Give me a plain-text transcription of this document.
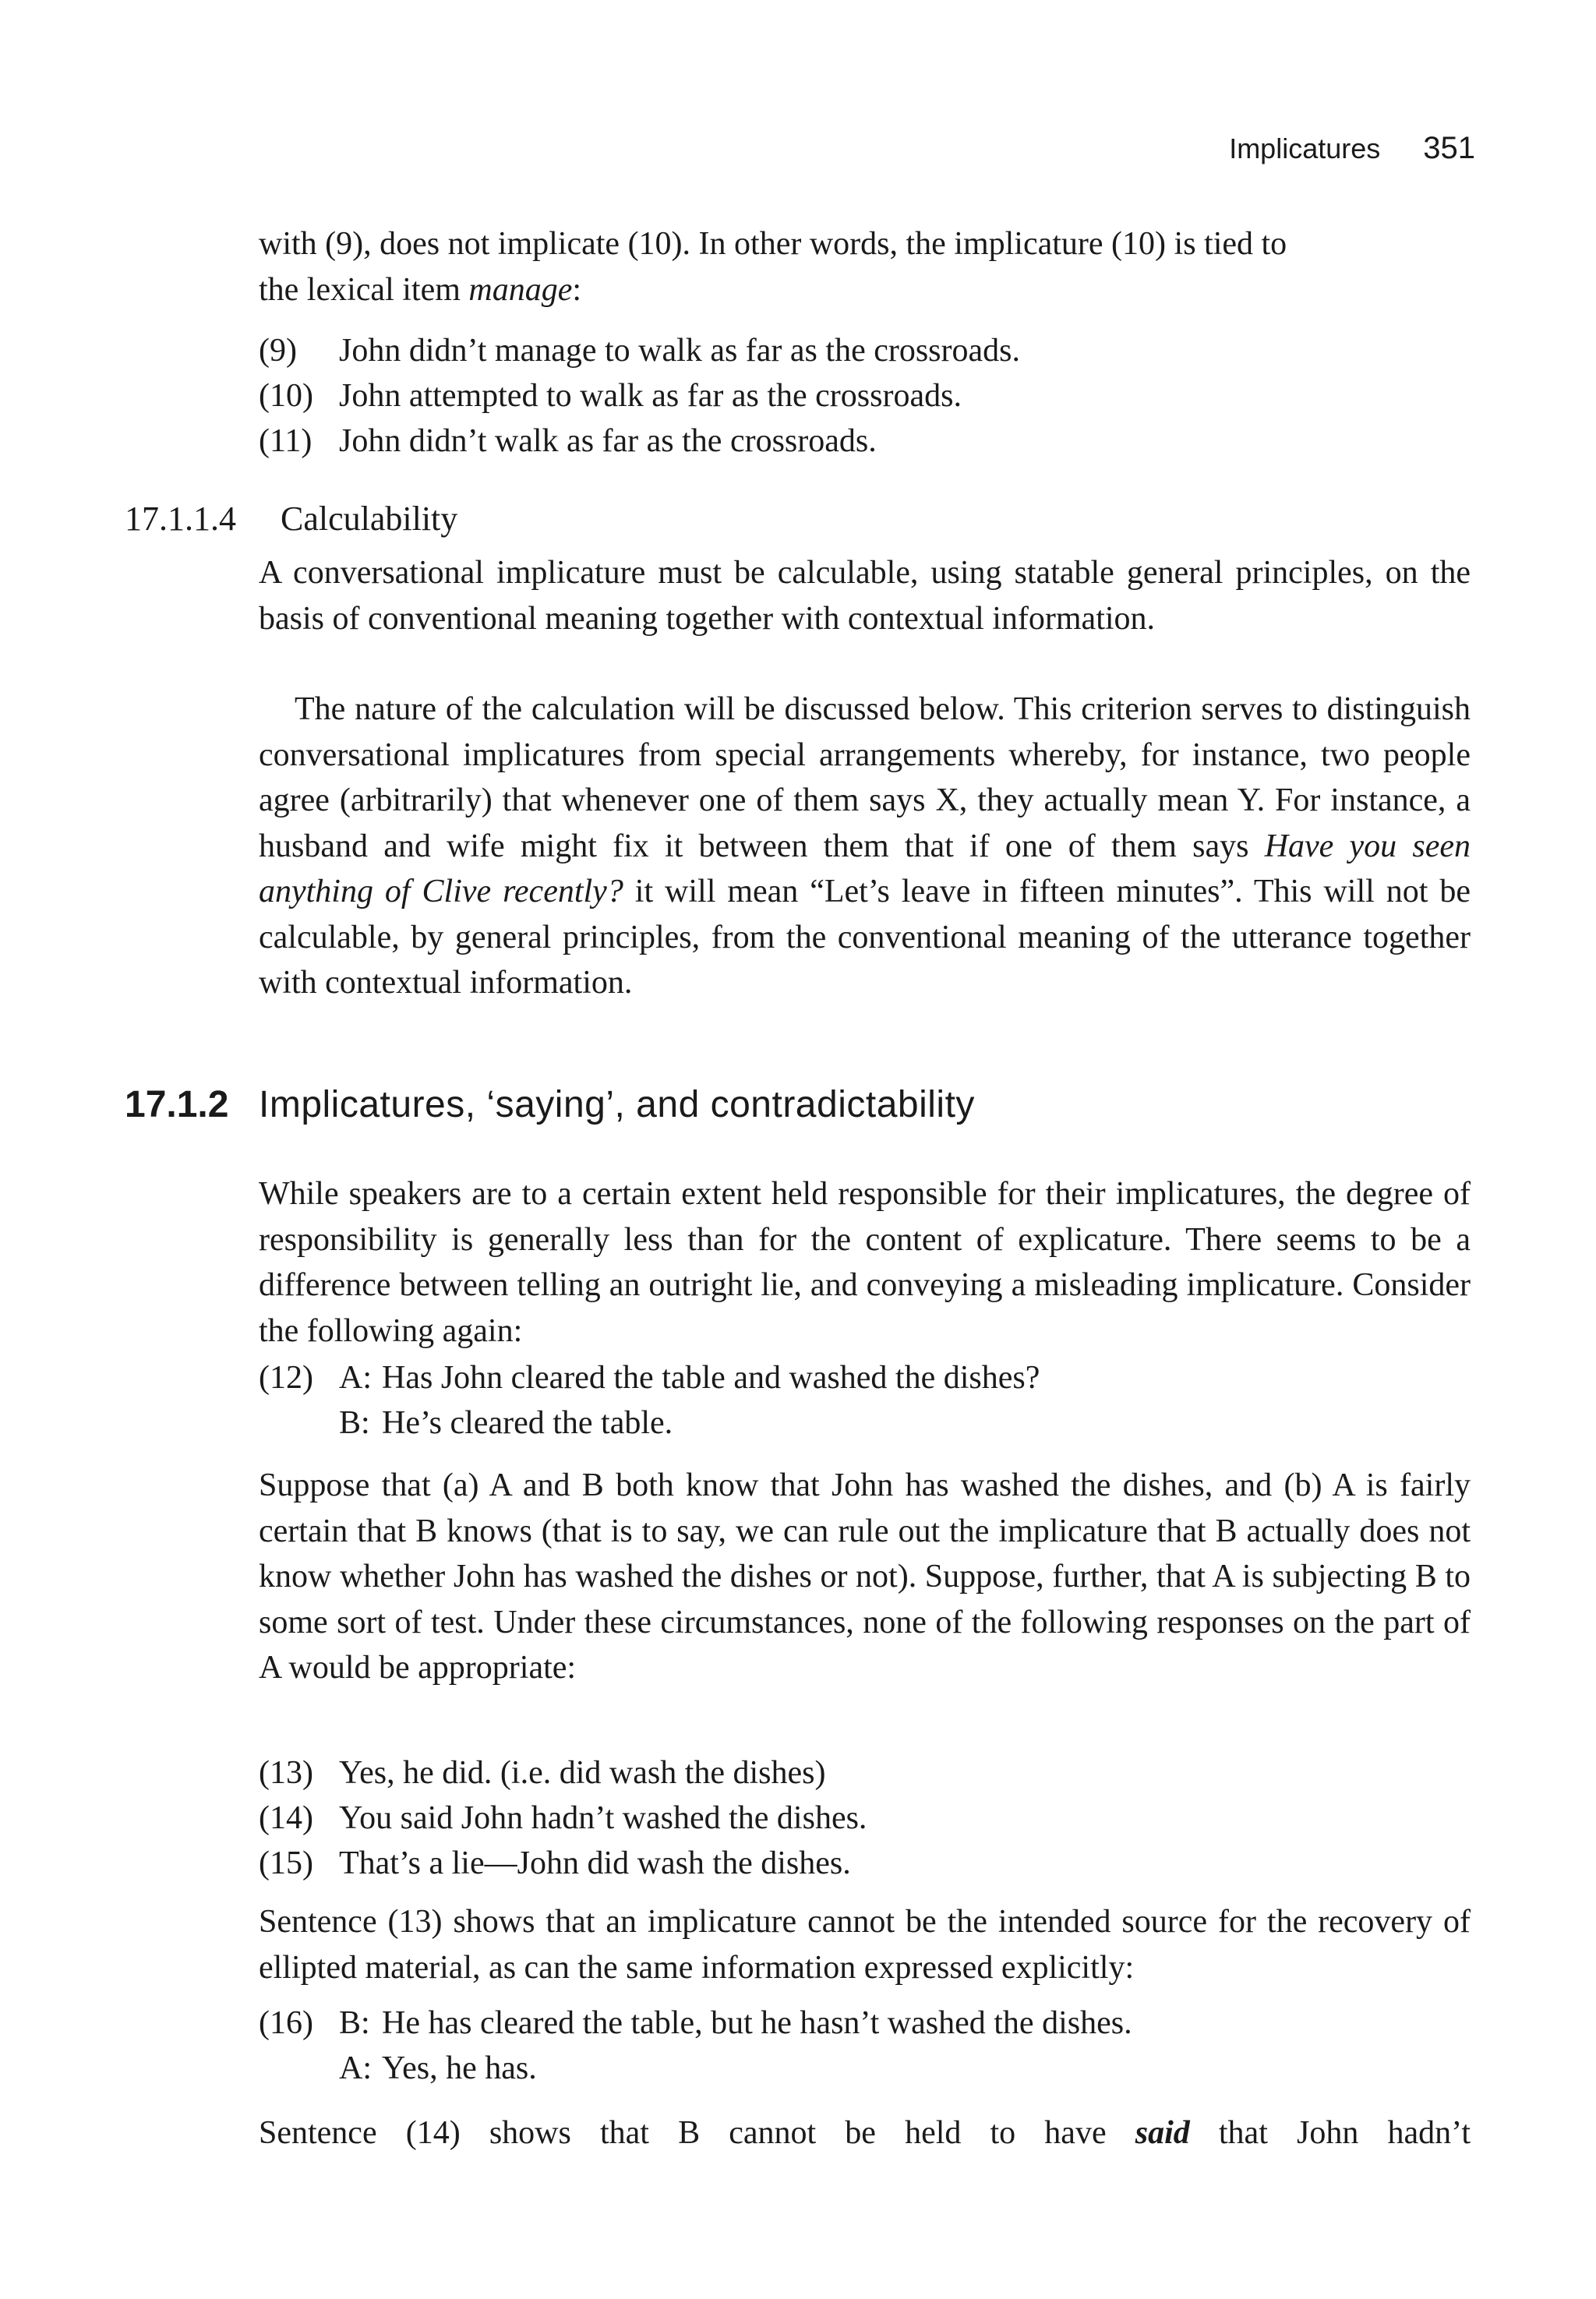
Implicatures 351
with (9), does not implicate (10). In other words, the implicature (10) is tied to
the lexical item manage:
(9) John didn’t manage to walk as far as the crossroads.
(10) John attempted to walk as far as the crossroads.
(11) John didn’t walk as far as the crossroads.
17.1.1.4 Calculability
A conversational implicature must be calculable, using statable general principles, on the basis of conventional meaning together with contextual information.
The nature of the calculation will be discussed below. This criterion serves to distinguish conversational implicatures from special arrangements whereby, for instance, two people agree (arbitrarily) that whenever one of them says X, they actually mean Y. For instance, a husband and wife might fix it between them that if one of them says Have you seen anything of Clive recently? it will mean “Let’s leave in fifteen minutes”. This will not be calculable, by general principles, from the conventional meaning of the utterance together with contextual information.
17.1.2 Implicatures, ‘saying’, and contradictability
While speakers are to a certain extent held responsible for their implicatures, the degree of responsibility is generally less than for the content of explicature. There seems to be a difference between telling an outright lie, and conveying a misleading implicature. Consider the following again:
(12) A: Has John cleared the table and washed the dishes?
B: He’s cleared the table.
Suppose that (a) A and B both know that John has washed the dishes, and (b) A is fairly certain that B knows (that is to say, we can rule out the implicature that B actually does not know whether John has washed the dishes or not). Suppose, further, that A is subjecting B to some sort of test. Under these circumstances, none of the following responses on the part of A would be appropriate:
(13) Yes, he did. (i.e. did wash the dishes)
(14) You said John hadn’t washed the dishes.
(15) That’s a lie—John did wash the dishes.
Sentence (13) shows that an implicature cannot be the intended source for the recovery of ellipted material, as can the same information expressed explicitly:
(16) B: He has cleared the table, but he hasn’t washed the dishes.
A: Yes, he has.
Sentence (14) shows that B cannot be held to have said that John hadn’t
